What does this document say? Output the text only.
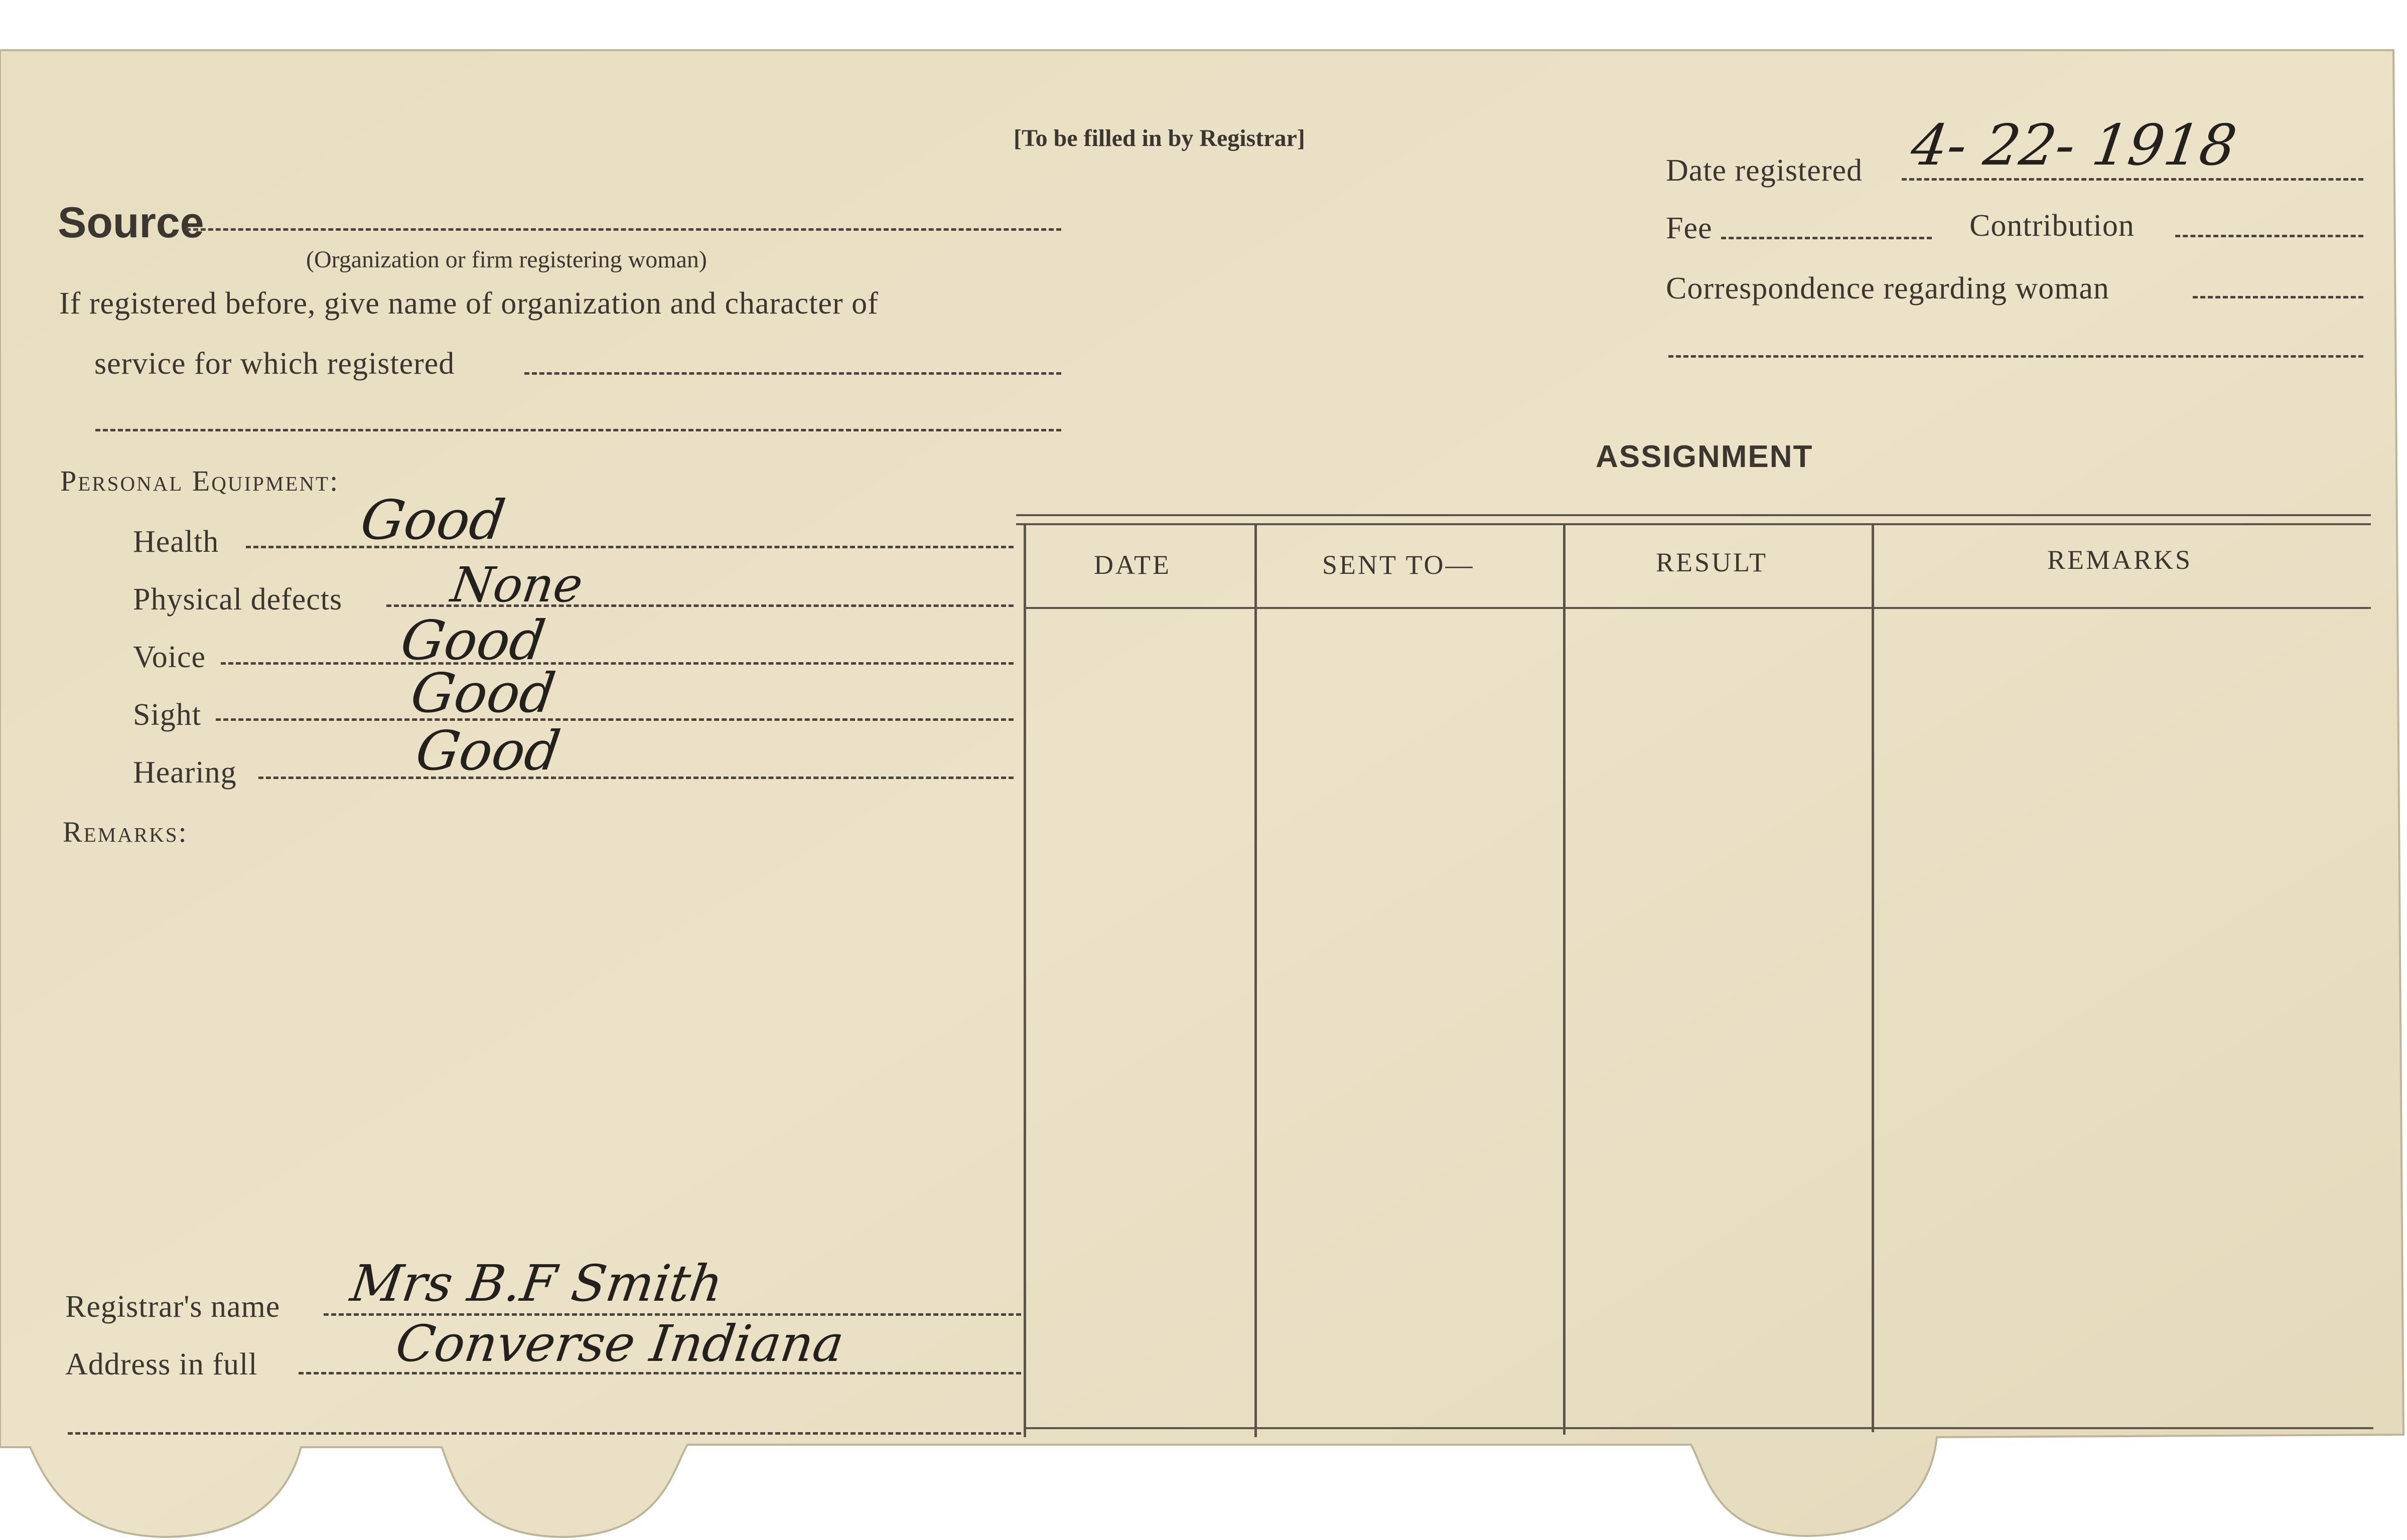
[To be filled in by Registrar]
Source
(Organization or firm registering woman)
If registered before, give name of organization and character of
service for which registered
Personal Equipment:
Health	Good
Physical defects None
Voice	Good
Sight	Good
Hearing	Good
Remarks:
Registrar's name Mrs B.F Smith
Address in full	Converse Indiana
Date registered 4- 22- 1918
Fee	Contribution
Correspondence regarding woman
ASSIGNMENT
DATE	SENT TO—	RESULT	REMARKS
